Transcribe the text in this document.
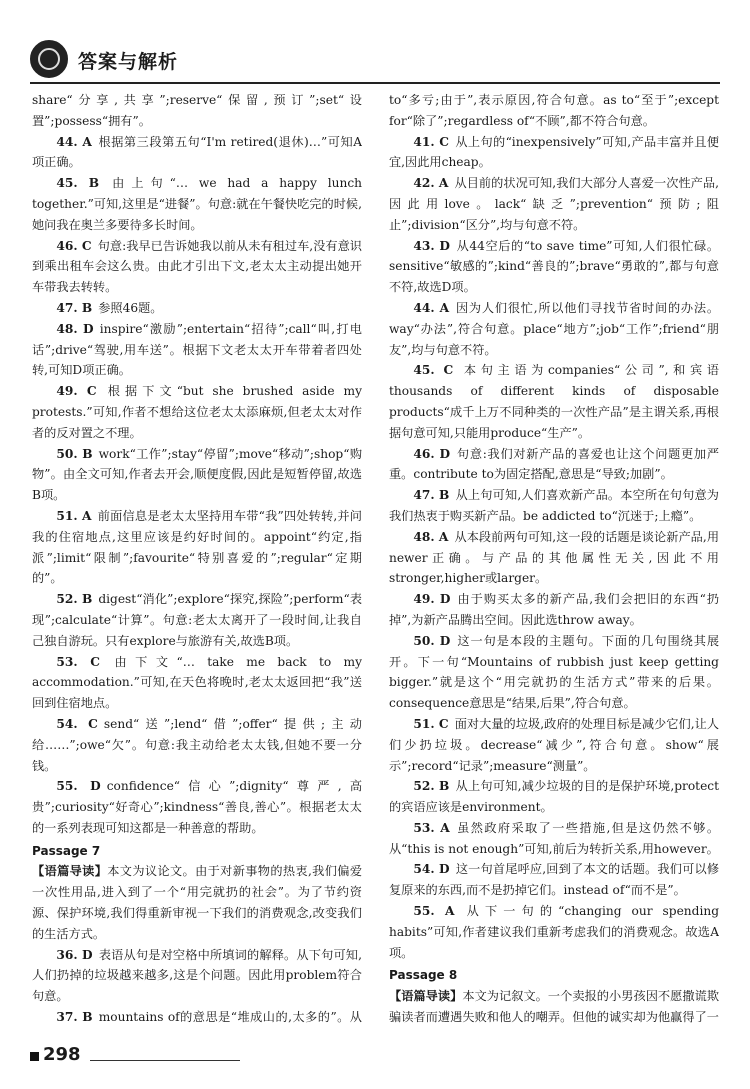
答案与解析

share“分享,共享”;reserve“保留,预订”;set“设置”;possess“拥有”。

44. A  根据第三段第五句“I'm retired(退休)…”可知A项正确。

45. B  由上句“… we had a happy lunch together.”可知,这里是“进餐”。句意:就在午餐快吃完的时候,她问我在奥兰多要待多长时间。

46. C  句意:我早已告诉她我以前从未有租过车,没有意识到乘出租车会这么贵。由此才引出下文,老太太主动提出她开车带我去转转。

47. B  参照46题。

48. D  inspire“激励”;entertain“招待”;call“叫,打电话”;drive“驾驶,用车送”。根据下文老太太开车带着者四处转,可知D项正确。

49. C  根据下文“but she brushed aside my protests.”可知,作者不想给这位老太太添麻烦,但老太太对作者的反对置之不理。

50. B  work“工作”;stay“停留”;move“移动”;shop“购物”。由全文可知,作者去开会,顺便度假,因此是短暂停留,故选B项。

51. A  前面信息是老太太坚持用车带“我”四处转转,并问我的住宿地点,这里应该是约好时间的。appoint“约定,指派”;limit“限制”;favourite“特别喜爱的”;regular“定期的”。

52. B  digest“消化”;explore“探究,探险”;perform“表现”;calculate“计算”。句意:老太太离开了一段时间,让我自己独自游玩。只有explore与旅游有关,故选B项。

53. C  由下文“… take me back to my accommodation.”可知,在天色将晚时,老太太返回把“我”送回到住宿地点。

54. C  send“送”;lend“借”;offer“提供;主动给……”;owe“欠”。句意:我主动给老太太钱,但她不要一分钱。

55. D  confidence“信心”;dignity“尊严,高贵”;curiosity“好奇心”;kindness“善良,善心”。根据老太太的一系列表现可知这都是一种善意的帮助。

Passage 7

【语篇导读】本文为议论文。由于对新事物的热衷,我们偏爱一次性用品,进入到了一个“用完就扔的社会”。为了节约资源、保护环境,我们得重新审视一下我们的消费观念,改变我们的生活方式。

36. D  表语从句是对空格中所填词的解释。从下句可知,人们扔掉的垃圾越来越多,这是个问题。因此用problem符合句意。

37. B  mountains of的意思是“堆成山的,太多的”。从

to“多亏;由于”,表示原因,符合句意。as to“至于”;except for“除了”;regardless of“不顾”,都不符合句意。

41. C  从上句的“inexpensively”可知,产品丰富并且便宜,因此用cheap。

42. A  从目前的状况可知,我们大部分人喜爱一次性产品,因此用love。lack“缺乏”;prevention“预防;阻止”;division“区分”,均与句意不符。

43. D  从44空后的“to save time”可知,人们很忙碌。sensitive“敏感的”;kind“善良的”;brave“勇敢的”,都与句意不符,故选D项。

44. A  因为人们很忙,所以他们寻找节省时间的办法。way“办法”,符合句意。place“地方”;job“工作”;friend“朋友”,均与句意不符。

45. C  本句主语为companies“公司”,和宾语thousands of different kinds of disposable products“成千上万不同种类的一次性产品”是主谓关系,再根据句意可知,只能用produce“生产”。

46. D  句意:我们对新产品的喜爱也让这个问题更加严重。contribute to为固定搭配,意思是“导致;加剧”。

47. B  从上句可知,人们喜欢新产品。本空所在句句意为我们热衷于购买新产品。be addicted to“沉迷于;上瘾”。

48. A  从本段前两句可知,这一段的话题是谈论新产品,用newer正确。与产品的其他属性无关,因此不用stronger,higher或larger。

49. D  由于购买太多的新产品,我们会把旧的东西“扔掉”,为新产品腾出空间。因此选throw away。

50. D  这一句是本段的主题句。下面的几句围绕其展开。下一句“Mountains of rubbish just keep getting bigger.”就是这个“用完就扔的生活方式”带来的后果。consequence意思是“结果,后果”,符合句意。

51. C  面对大量的垃圾,政府的处理目标是减少它们,让人们少扔垃圾。decrease“减少”,符合句意。show“展示”;record“记录”;measure“测量”。

52. B  从上句可知,减少垃圾的目的是保护环境,protect的宾语应该是environment。

53. A  虽然政府采取了一些措施,但是这仍然不够。从“this is not enough”可知,前后为转折关系,用however。

54. D  这一句首尾呼应,回到了本文的话题。我们可以修复原来的东西,而不是扔掉它们。instead of“而不是”。

55. A  从下一句的“changing our spending habits”可知,作者建议我们重新考虑我们的消费观念。故选A项。

Passage 8

【语篇导读】本文为记叙文。一个卖报的小男孩因不愿撒谎欺骗读者而遭遇失败和他人的嘲弄。但他的诚实却为他赢得了一

298
